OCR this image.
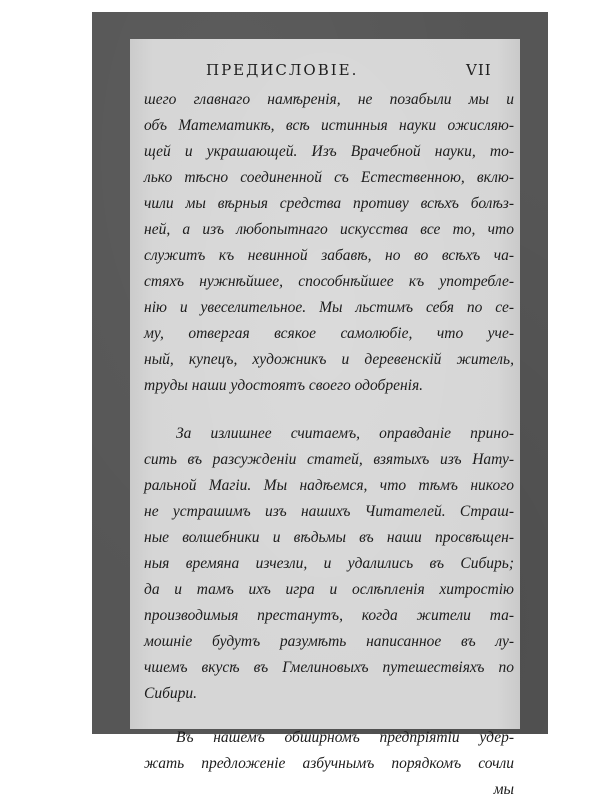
ПРЕДИСЛОВІЕ.	VII
шего главнаго намѣренія, не позабыли мы и
объ Математикѣ, всѣ истинныя науки ожисляю-
щей и украшающей. Изъ Врачебной науки, то-
лько тѣсно соединенной съ Естественною, вклю-
чили мы вѣрныя средства противу всѣхъ болѣз-
ней, а изъ любопытнаго искусства все то, что
служитъ къ невинной забавѣ, но во всѣхъ ча-
стяхъ нужнѣйшее, способнѣйшее къ употребле-
нію и увеселительное. Мы льстимъ себя по се-
му, отвергая всякое самолюбіе, что уче-
ный, купецъ, художникъ и деревенскій житель,
труды наши удостоятъ своего одобренія.
За излишнее считаемъ, оправданіе прино-
сить въ разсужденіи статей, взятыхъ изъ Нату-
ральной Магіи. Мы надѣемся, что тѣмъ никого
не устрашимъ изъ нашихъ Читателей. Страш-
ные волшебники и вѣдьмы въ наши просвѣщен-
ныя времяна изчезли, и удалились въ Сибирь;
да и тамъ ихъ игра и ослѣпленія хитростію
производимыя престанутъ, когда жители та-
мошніе будутъ разумѣть написанное въ лу-
чшемъ вкусѣ въ Гмелиновыхъ путешествіяхъ по
Сибири.
Въ нашемъ обширномъ предпріятіи удер-
жать предложеніе азбучнымъ порядкомъ сочли
мы
